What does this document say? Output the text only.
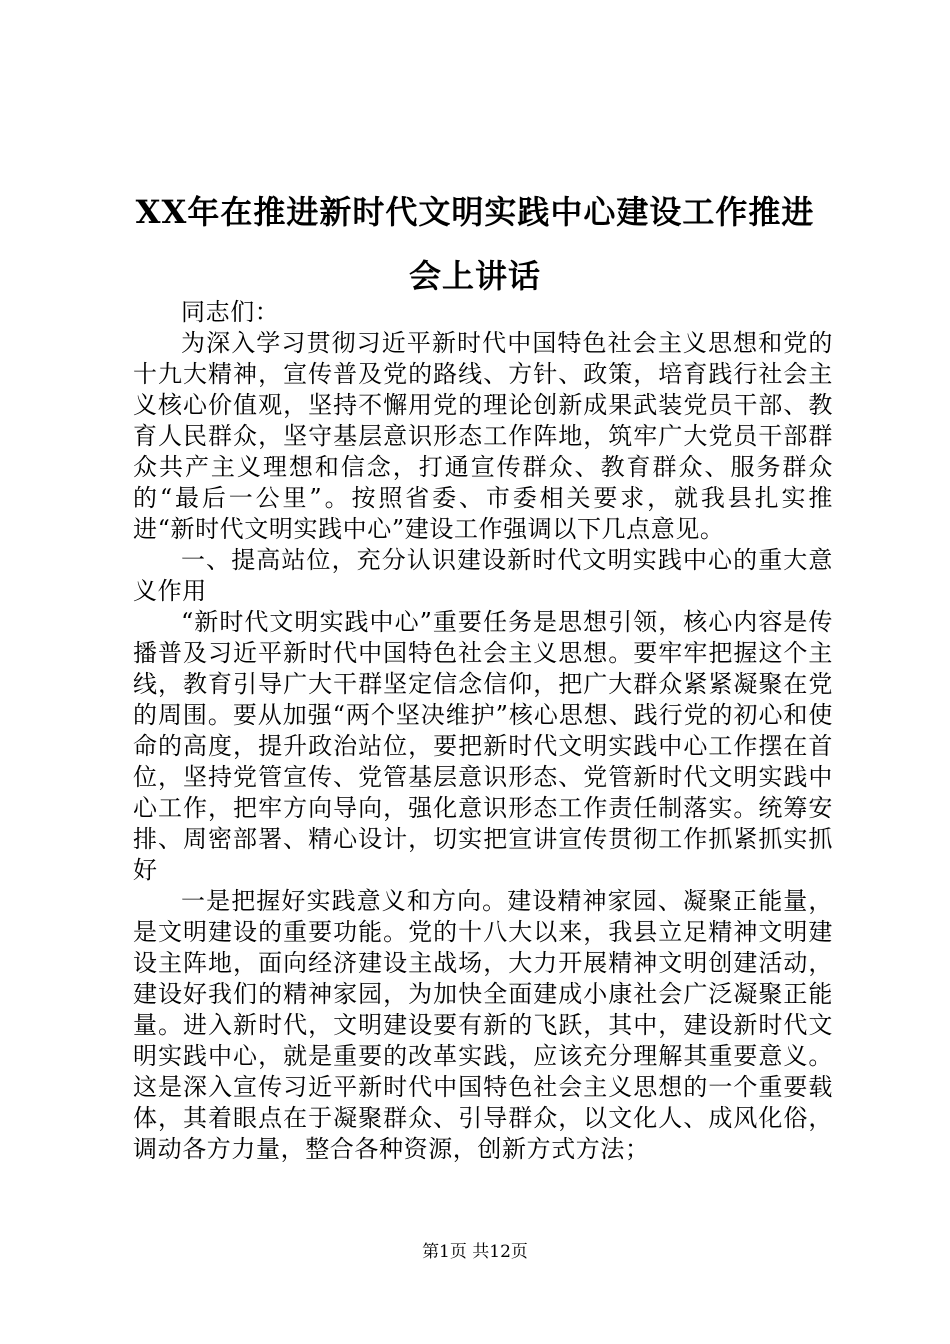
XX年在推进新时代文明实践中心建设工作推进会上讲话

同志们：

为深入学习贯彻习近平新时代中国特色社会主义思想和党的十九大精神，宣传普及党的路线、方针、政策，培育践行社会主义核心价值观，坚持不懈用党的理论创新成果武装党员干部、教育人民群众，坚守基层意识形态工作阵地，筑牢广大党员干部群众共产主义理想和信念，打通宣传群众、教育群众、服务群众的“最后一公里”。按照省委、市委相关要求，就我县扎实推进“新时代文明实践中心”建设工作强调以下几点意见。

一、提高站位，充分认识建设新时代文明实践中心的重大意义作用

“新时代文明实践中心”重要任务是思想引领，核心内容是传播普及习近平新时代中国特色社会主义思想。要牢牢把握这个主线，教育引导广大干群坚定信念信仰，把广大群众紧紧凝聚在党的周围。要从加强“两个坚决维护”核心思想、践行党的初心和使命的高度，提升政治站位，要把新时代文明实践中心工作摆在首位，坚持党管宣传、党管基层意识形态、党管新时代文明实践中心工作，把牢方向导向，强化意识形态工作责任制落实。统筹安排、周密部署、精心设计，切实把宣讲宣传贯彻工作抓紧抓实抓好

一是把握好实践意义和方向。建设精神家园、凝聚正能量，是文明建设的重要功能。党的十八大以来，我县立足精神文明建设主阵地，面向经济建设主战场，大力开展精神文明创建活动，建设好我们的精神家园，为加快全面建成小康社会广泛凝聚正能量。进入新时代，文明建设要有新的飞跃，其中，建设新时代文明实践中心，就是重要的改革实践，应该充分理解其重要意义。这是深入宣传习近平新时代中国特色社会主义思想的一个重要载体，其着眼点在于凝聚群众、引导群众，以文化人、成风化俗，调动各方力量，整合各种资源，创新方式方法；

第1页 共12页
